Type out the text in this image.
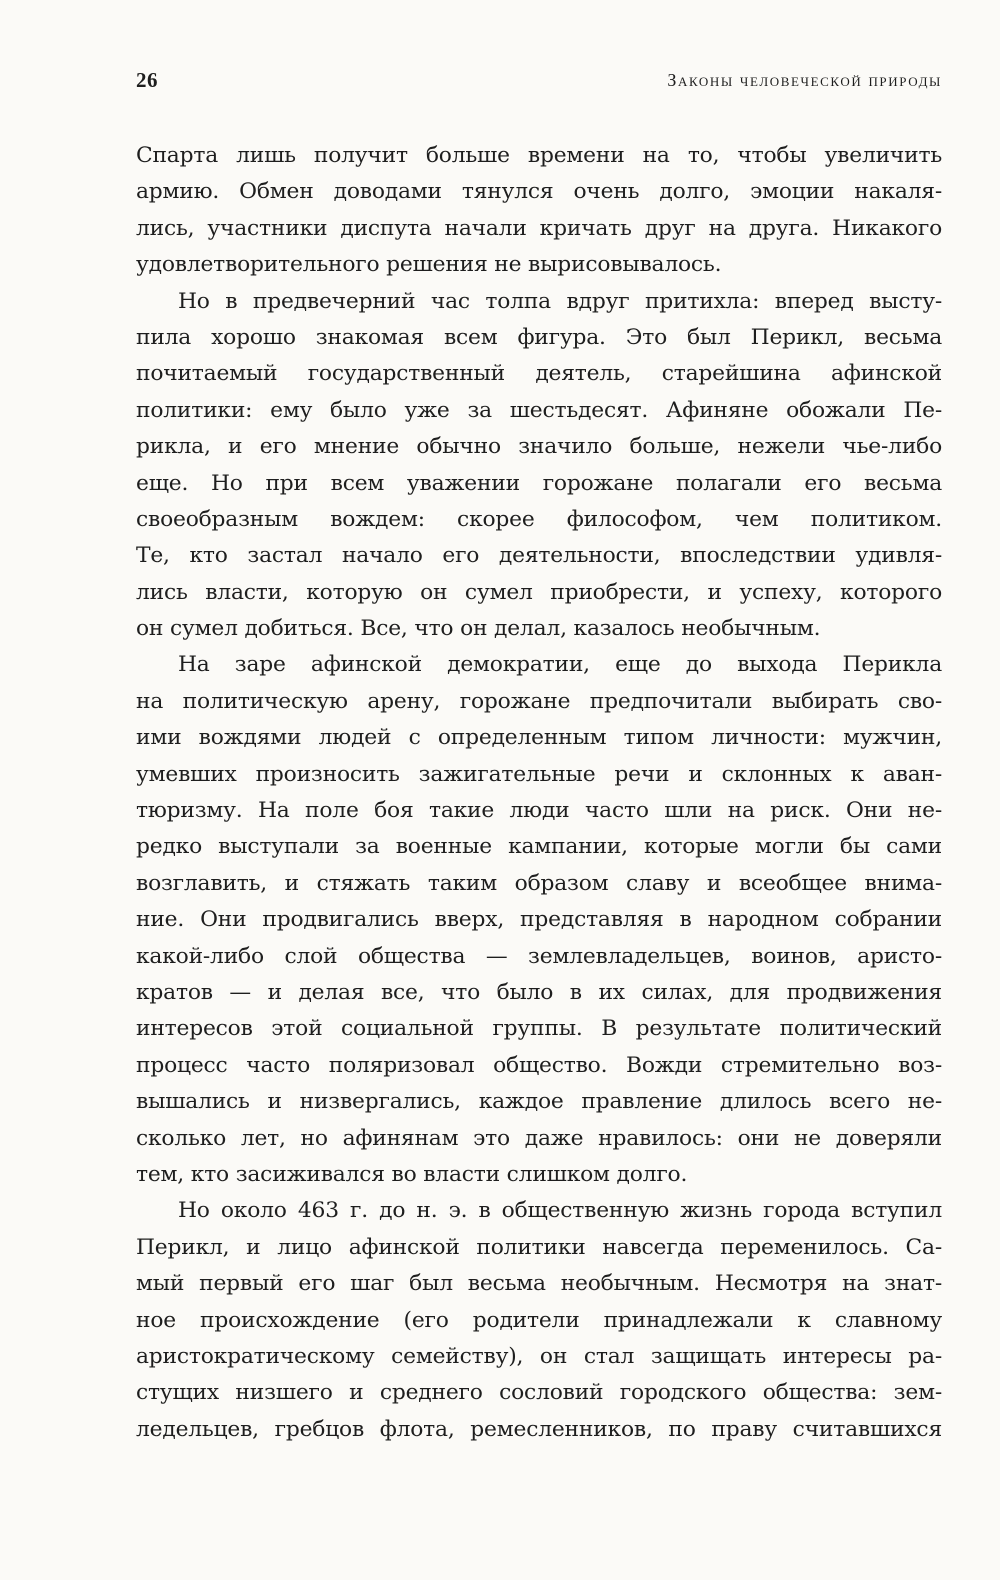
26	Законы человеческой природы
Спарта лишь получит больше времени на то, чтобы увеличить
армию. Обмен доводами тянулся очень долго, эмоции накаля-
лись, участники диспута начали кричать друг на друга. Никакого
удовлетворительного решения не вырисовывалось.
Но в предвечерний час толпа вдруг притихла: вперед высту-
пила хорошо знакомая всем фигура. Это был Перикл, весьма
почитаемый государственный деятель, старейшина афинской
политики: ему было уже за шестьдесят. Афиняне обожали Пе-
рикла, и его мнение обычно значило больше, нежели чье-либо
еще. Но при всем уважении горожане полагали его весьма
своеобразным вождем: скорее философом, чем политиком.
Те, кто застал начало его деятельности, впоследствии удивля-
лись власти, которую он сумел приобрести, и успеху, которого
он сумел добиться. Все, что он делал, казалось необычным.
На заре афинской демократии, еще до выхода Перикла
на политическую арену, горожане предпочитали выбирать сво-
ими вождями людей с определенным типом личности: мужчин,
умевших произносить зажигательные речи и склонных к аван-
тюризму. На поле боя такие люди часто шли на риск. Они не-
редко выступали за военные кампании, которые могли бы сами
возглавить, и стяжать таким образом славу и всеобщее внима-
ние. Они продвигались вверх, представляя в народном собрании
какой-либо слой общества — землевладельцев, воинов, аристо-
кратов — и делая все, что было в их силах, для продвижения
интересов этой социальной группы. В результате политический
процесс часто поляризовал общество. Вожди стремительно воз-
вышались и низвергались, каждое правление длилось всего не-
сколько лет, но афинянам это даже нравилось: они не доверяли
тем, кто засиживался во власти слишком долго.
Но около 463 г. до н. э. в общественную жизнь города вступил
Перикл, и лицо афинской политики навсегда переменилось. Са-
мый первый его шаг был весьма необычным. Несмотря на знат-
ное происхождение (его родители принадлежали к славному
аристократическому семейству), он стал защищать интересы ра-
стущих низшего и среднего сословий городского общества: зем-
ледельцев, гребцов флота, ремесленников, по праву считавшихся
